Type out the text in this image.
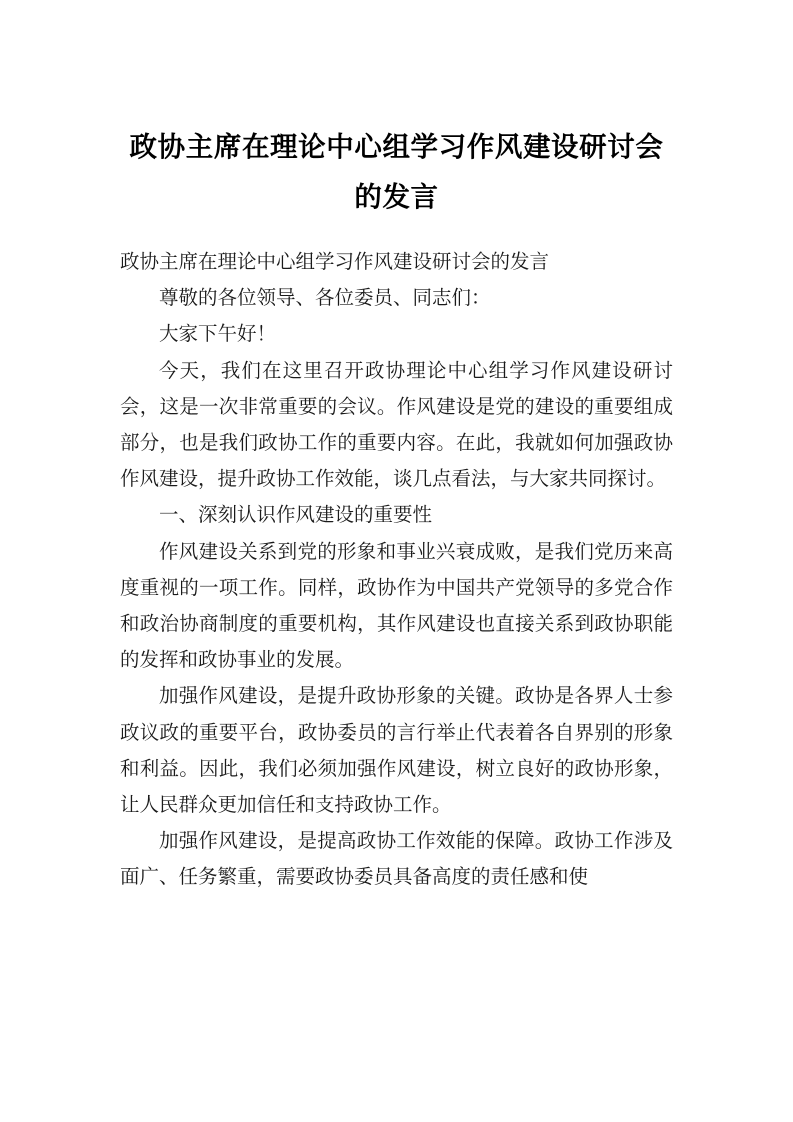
政协主席在理论中心组学习作风建设研讨会的发言

政协主席在理论中心组学习作风建设研讨会的发言

尊敬的各位领导、各位委员、同志们：

大家下午好！

今天，我们在这里召开政协理论中心组学习作风建设研讨会，这是一次非常重要的会议。作风建设是党的建设的重要组成部分，也是我们政协工作的重要内容。在此，我就如何加强政协作风建设，提升政协工作效能，谈几点看法，与大家共同探讨。

一、深刻认识作风建设的重要性

作风建设关系到党的形象和事业兴衰成败，是我们党历来高度重视的一项工作。同样，政协作为中国共产党领导的多党合作和政治协商制度的重要机构，其作风建设也直接关系到政协职能的发挥和政协事业的发展。

加强作风建设，是提升政协形象的关键。政协是各界人士参政议政的重要平台，政协委员的言行举止代表着各自界别的形象和利益。因此，我们必须加强作风建设，树立良好的政协形象，让人民群众更加信任和支持政协工作。

加强作风建设，是提高政协工作效能的保障。政协工作涉及面广、任务繁重，需要政协委员具备高度的责任感和使
